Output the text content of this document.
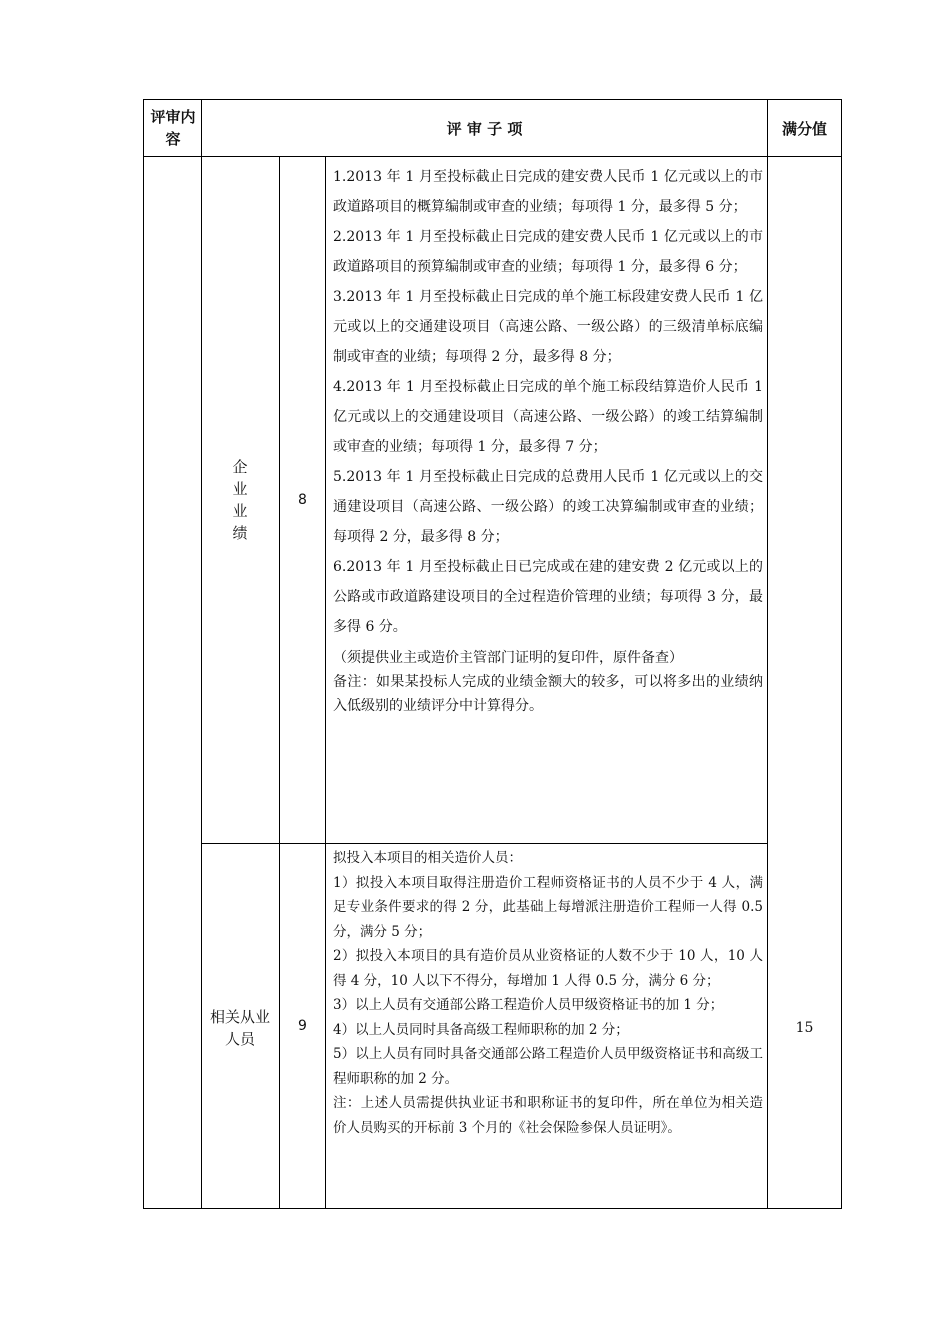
评审内容
评 审 子 项	满分值
企业业绩
8

1.2013 年 1 月至投标截止日完成的建安费人民币 1 亿元或以上的市政道路项目的概算编制或审查的业绩；每项得 1 分，最多得 5 分；

2.2013 年 1 月至投标截止日完成的建安费人民币 1 亿元或以上的市政道路项目的预算编制或审查的业绩；每项得 1 分，最多得 6 分；

3.2013 年 1 月至投标截止日完成的单个施工标段建安费人民币 1 亿元或以上的交通建设项目（高速公路、一级公路）的三级清单标底编制或审查的业绩；每项得 2 分，最多得 8 分；

4.2013 年 1 月至投标截止日完成的单个施工标段结算造价人民币 1 亿元或以上的交通建设项目（高速公路、一级公路）的竣工结算编制或审查的业绩；每项得 1 分，最多得 7 分；

5.2013 年 1 月至投标截止日完成的总费用人民币 1 亿元或以上的交通建设项目（高速公路、一级公路）的竣工决算编制或审查的业绩；每项得 2 分，最多得 8 分；

6.2013 年 1 月至投标截止日已完成或在建的建安费 2 亿元或以上的公路或市政道路建设项目的全过程造价管理的业绩；每项得 3 分，最多得 6 分。

（须提供业主或造价主管部门证明的复印件，原件备查）

备注：如果某投标人完成的业绩金额大的较多，可以将多出的业绩纳入低级别的业绩评分中计算得分。

相关从业人员
9

拟投入本项目的相关造价人员：

1）拟投入本项目取得注册造价工程师资格证书的人员不少于 4 人，满足专业条件要求的得 2 分，此基础上每增派注册造价工程师一人得 0.5 分，满分 5 分；

2）拟投入本项目的具有造价员从业资格证的人数不少于 10 人，10 人得 4 分，10 人以下不得分，每增加 1 人得 0.5 分，满分 6 分；

3）以上人员有交通部公路工程造价人员甲级资格证书的加 1 分；

4）以上人员同时具备高级工程师职称的加 2 分；

5）以上人员有同时具备交通部公路工程造价人员甲级资格证书和高级工程师职称的加 2 分。

注：上述人员需提供执业证书和职称证书的复印件，所在单位为相关造价人员购买的开标前 3 个月的《社会保险参保人员证明》。

15
